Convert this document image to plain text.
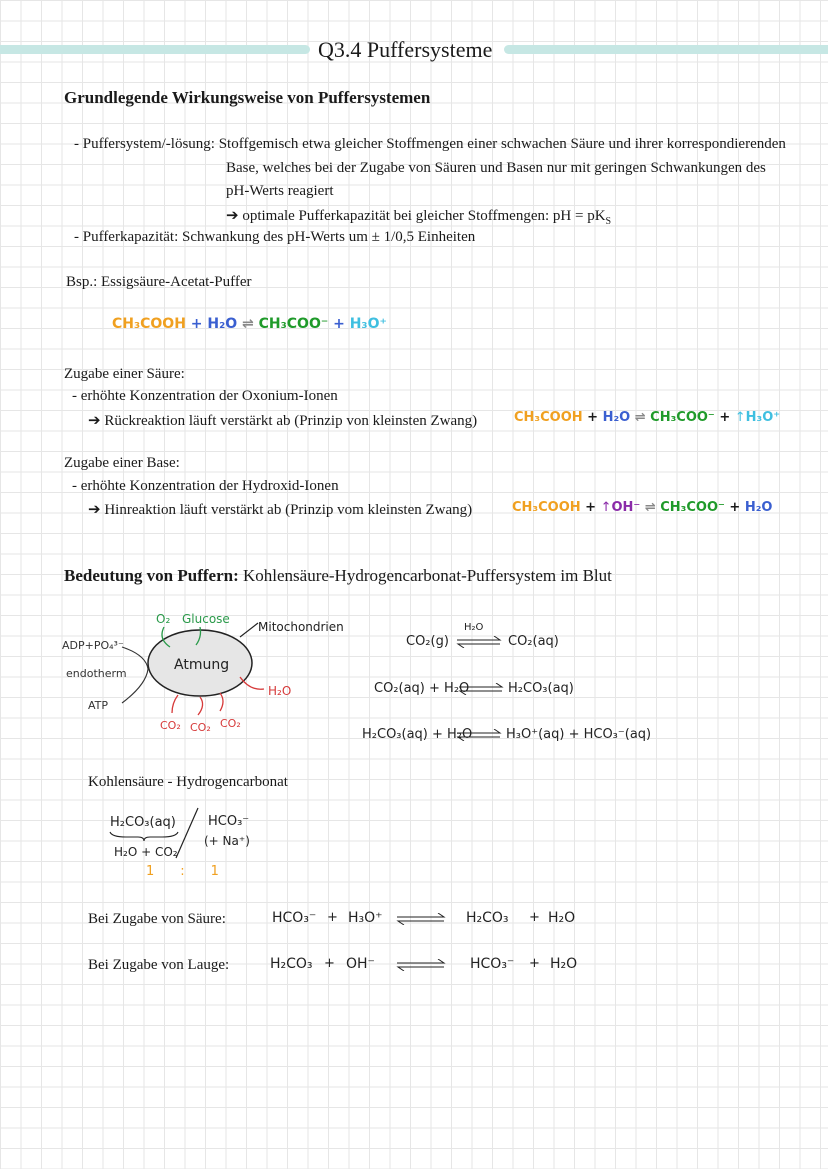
Q3.4 Puffersysteme
Grundlegende Wirkungsweise von Puffersystemen
- Puffersystem/-lösung: Stoffgemisch etwa gleicher Stoffmengen einer schwachen Säure und ihrer korrespondierenden
Base, welches bei der Zugabe von Säuren und Basen nur mit geringen Schwankungen des
pH-Werts reagiert
➔ optimale Pufferkapazität bei gleicher Stoffmengen: pH = $pK_S$
- Pufferkapazität: Schwankung des pH-Werts um ± 1/0,5 Einheiten
Bsp.: Essigsäure-Acetat-Puffer
CH₃COOH + H₂O ⇌ CH₃COO⁻ + H₃O⁺
Zugabe einer Säure:
- erhöhte Konzentration der Oxonium-Ionen
➔ Rückreaktion läuft verstärkt ab (Prinzip von kleinsten Zwang)	CH₃COOH + H₂O ⇌ CH₃COO⁻ + ↑H₃O⁺
Zugabe einer Base:
- erhöhte Konzentration der Hydroxid-Ionen
➔ Hinreaktion läuft verstärkt ab (Prinzip vom kleinsten Zwang)	CH₃COOH + ↑OH⁻ ⇌ CH₃COO⁻ + H₂O
Bedeutung von Puffern: Kohlensäure-Hydrogencarbonat-Puffersystem im Blut
Atmung
O₂ Glucose
Mitochondrien
ADP+PO₄³⁻
endotherm
ATP
H₂O
CO₂ CO₂ CO₂
CO₂(g)
H₂O
⇌ CO₂(aq)
CO₂(aq) + H₂O ⇌ H₂CO₃(aq)
H₂CO₃(aq) + H₂O ⇌ H₃O⁺(aq) + HCO₃⁻(aq)
Kohlensäure - Hydrogencarbonat
H₂CO₃(aq)
H₂O + CO₂
HCO₃⁻
(+ Na⁺)
1 : 1
Bei Zugabe von Säure:	HCO₃⁻ + H₃O⁺	H₂CO₃ + H₂O
Bei Zugabe von Lauge:	H₂CO₃ + OH⁻	HCO₃⁻ + H₂O
